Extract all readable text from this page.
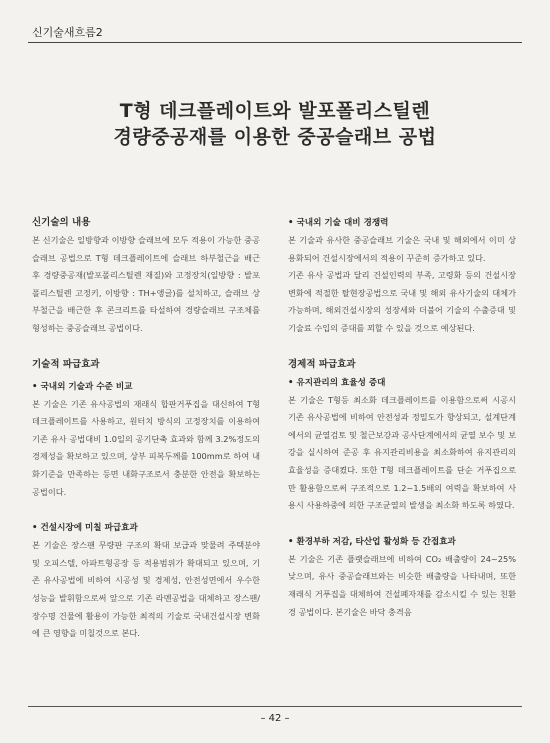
신기술새흐름2
T형 데크플레이트와 발포폴리스틸렌
경량중공재를 이용한 중공슬래브 공법

신기술의 내용

본 신기술은 일방향과 이방향 슬래브에 모두 적용이 가능한 중공슬래브 공법으로 T형 데크플레이트에 슬래브 하부철근을 배근 후 경량중공재(발포폴리스틸렌 재질)와 고정장치(일방향 : 발포폴리스틸렌 고정키, 이방향 : TH+앵글)를 설치하고, 슬래브 상부철근을 배근한 후 콘크리트를 타설하여 경량슬래브 구조체를 형성하는 중공슬래브 공법이다.

기술적 파급효과

• 국내외 기술과 수준 비교

본 기술은 기존 유사공법의 재래식 합판거푸집을 대신하여 T형 데크플레이트를 사용하고, 원터치 방식의 고정장치를 이용하여 기존 유사 공법대비 1.0일의 공기단축 효과와 함께 3.2%정도의 경제성을 확보하고 있으며, 상부 피복두께를 100mm로 하여 내화기준을 만족하는 등면 내화구조로서 충분한 안전을 확보하는 공법이다.

• 건설시장에 미칠 파급효과

본 기술은 장스팬 무량판 구조의 확대 보급과 맞물려 주택분야 및 오피스텔, 아파트형공장 등 적용범위가 확대되고 있으며, 기존 유사공법에 비하여 시공성 및 경제성, 안전성면에서 우수한 성능을 발휘함으로써 앞으로 기존 라멘공법을 대체하고 장스팬/장수명 건물에 활용이 가능한 최적의 기술로 국내건설시장 변화에 큰 영향을 미칠것으로 본다.

• 국내외 기술 대비 경쟁력

본 기술과 유사한 중공슬래브 기술은 국내 및 해외에서 이미 상용화되어 건설시장에서의 적용이 꾸준히 증가하고 있다.

기존 유사 공법과 달리 건설인력의 부족, 고령화 등의 건설시장 변화에 적절한 탈현장공법으로 국내 및 해외 유사기술의 대체가 가능하며, 해외건설시장의 성장세와 더불어 기술의 수출증대 및 기술료 수입의 증대를 꾀할 수 있을 것으로 예상된다.

경제적 파급효과

• 유지관리의 효율성 증대

본 기술은 T형등 최소화 데크플레이트를 이용함으로써 시공시 기존 유사공법에 비하여 안전성과 정밀도가 향상되고, 설계단계에서의 균열검토 및 철근보강과 공사단계에서의 균열 보수 및 보강을 실시하여 준공 후 유지관리비용을 최소화하여 유지관리의 효율성을 증대켰다. 또한 T형 데크플레이트를 단순 거푸집으로만 활용함으로써 구조적으로 1.2~1.5배의 여력을 확보하여 사용시 사용하중에 의한 구조균열의 발생을 최소화 하도록 하였다.

• 환경부하 저감, 타산업 활성화 등 간접효과

본 기술은 기존 플랫슬래브에 비하여 CO₂ 배출량이 24~25% 낮으며, 유사 중공슬래브와는 비슷한 배출량을 나타내며, 또한 재래식 거푸집을 대체하여 건설폐자재를 감소시킬 수 있는 친환경 공법이다. 본기술은 바닥 충격음

– 42 –
